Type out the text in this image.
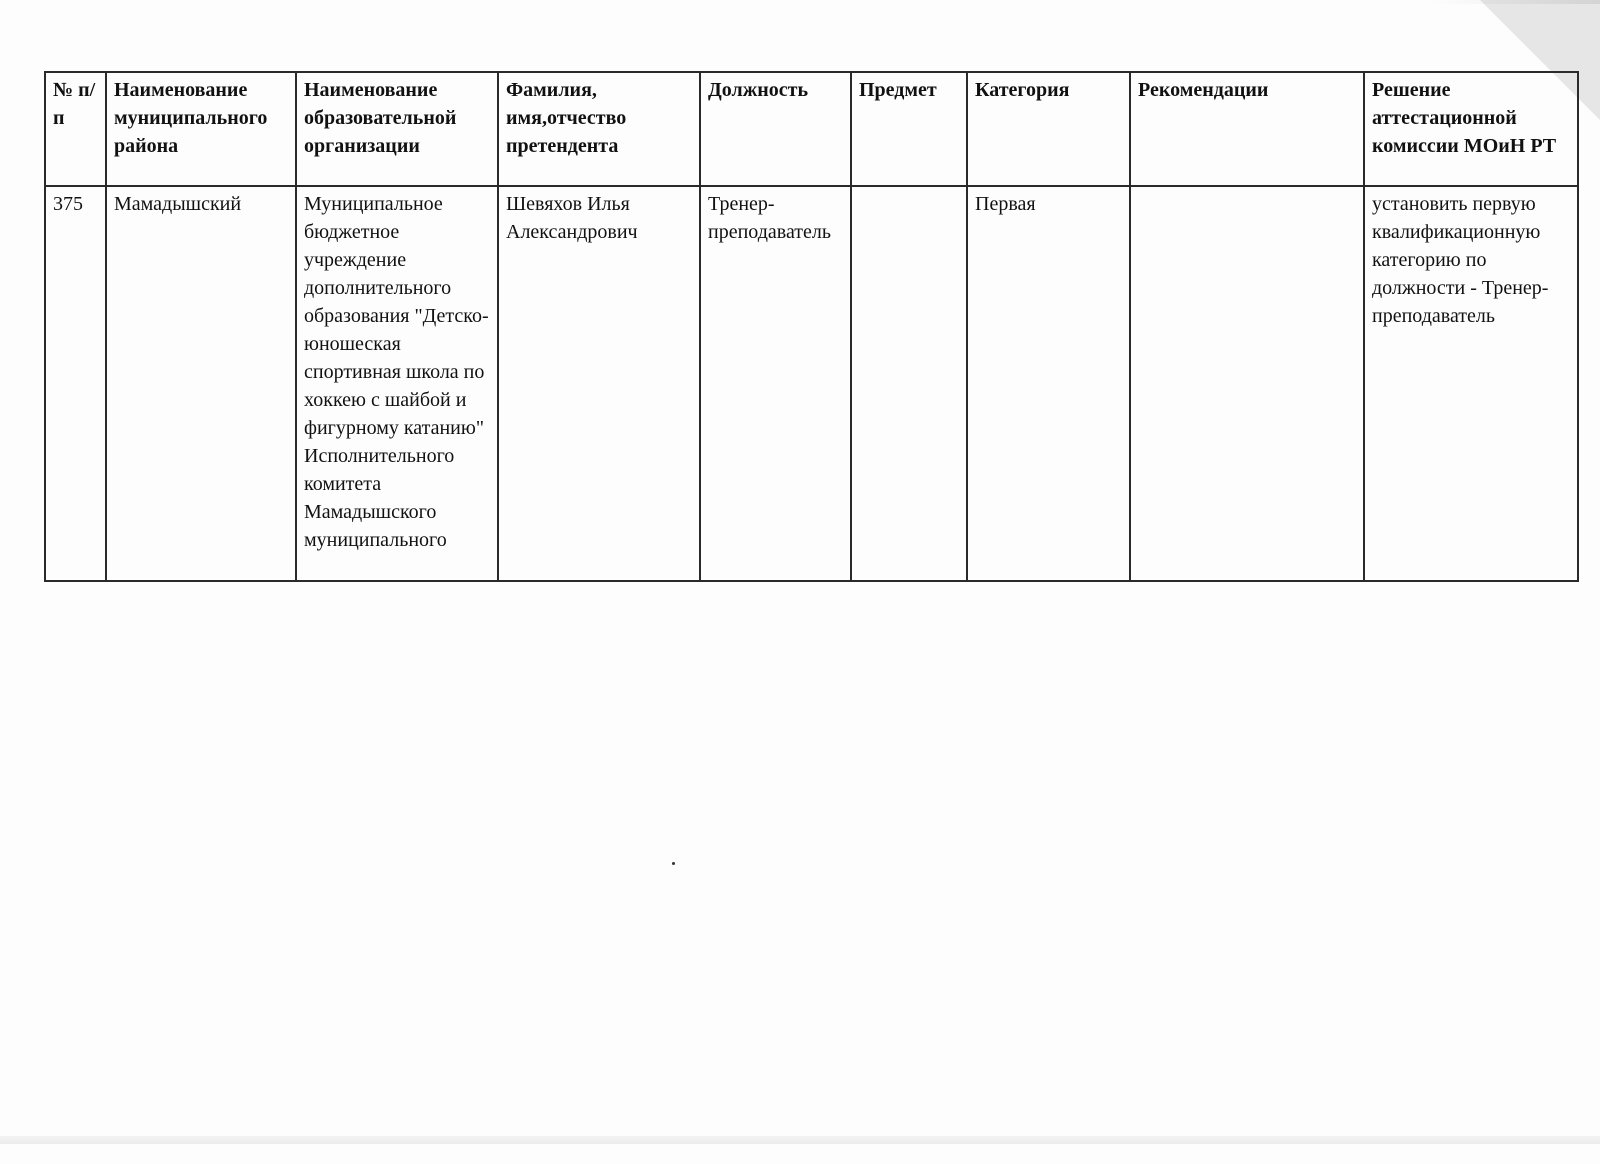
№ п/п	Наименование муниципального района	Наименование образовательной организации	Фамилия, имя,отчество претендента	Должность	Предмет	Категория	Рекомендации	Решение аттестационной комиссии МОиН РТ
375	Мамадышский	Муниципальное бюджетное учреждение дополнительного образования "Детско-юношеская спортивная школа по хоккею с шайбой и фигурному катанию" Исполнительного комитета Мамадышского муниципального	Шевяхов Илья Александрович	Тренер-преподаватель		Первая		установить первую квалификационную категорию по должности - Тренер-преподаватель
